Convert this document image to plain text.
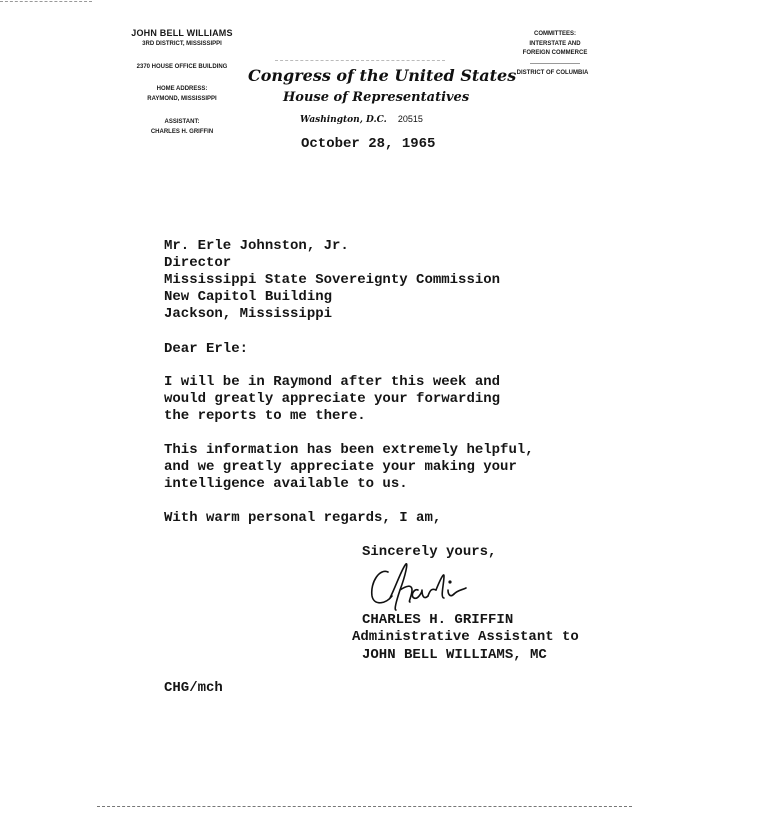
JOHN BELL WILLIAMS
3RD DISTRICT, MISSISSIPPI
2370 HOUSE OFFICE BUILDING
HOME ADDRESS:
RAYMOND, MISSISSIPPI
ASSISTANT:
CHARLES H. GRIFFIN
Congress of the United States
House of Representatives
Washington, D.C. 20515
COMMITTEES:
INTERSTATE AND
FOREIGN COMMERCE
DISTRICT OF COLUMBIA
October 28, 1965
Mr. Erle Johnston, Jr.
Director
Mississippi State Sovereignty Commission
New Capitol Building
Jackson, Mississippi
Dear Erle:
I will be in Raymond after this week and
would greatly appreciate your forwarding
the reports to me there.
This information has been extremely helpful,
and we greatly appreciate your making your
intelligence available to us.
With warm personal regards, I am,
Sincerely yours,
CHARLES H. GRIFFIN
Administrative Assistant to
JOHN BELL WILLIAMS, MC
CHG/mch
